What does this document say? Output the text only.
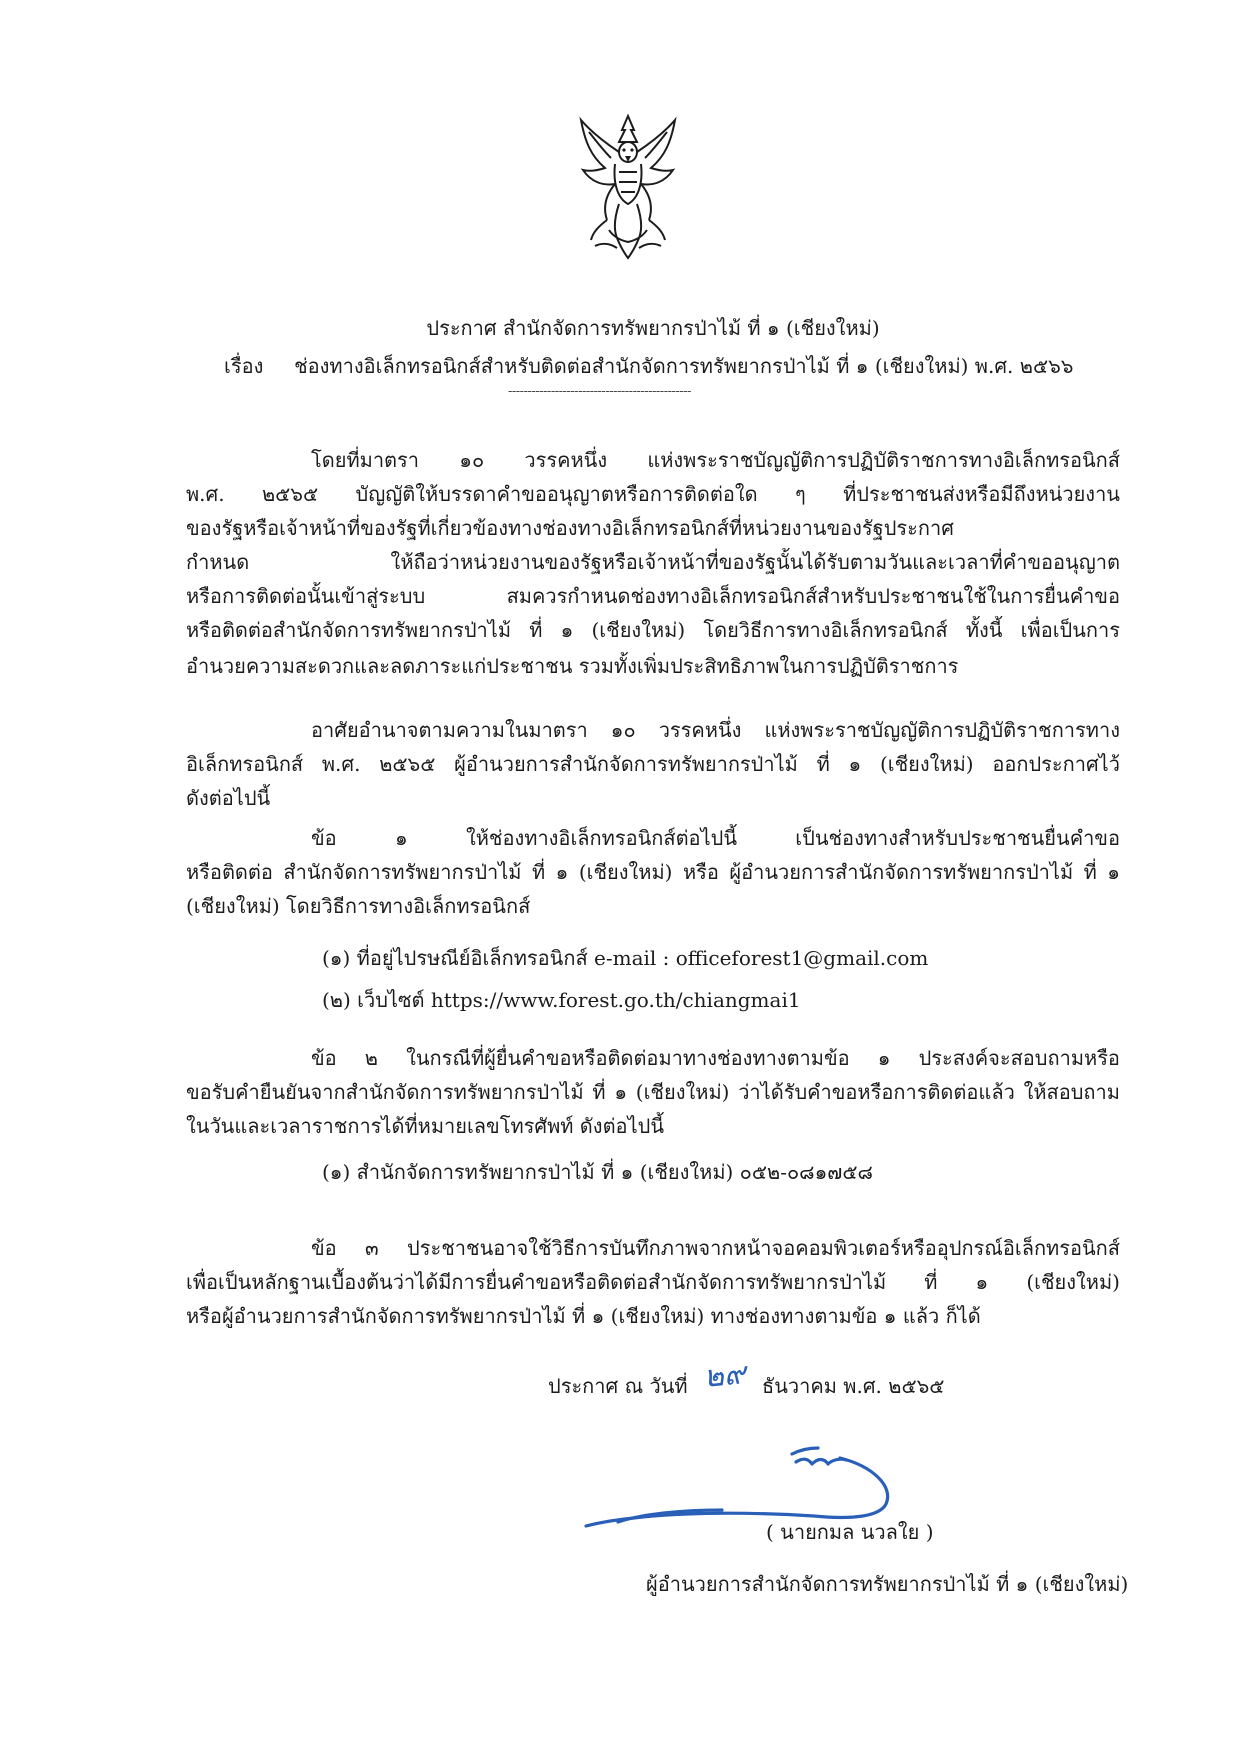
ประกาศ สำนักจัดการทรัพยากรป่าไม้ ที่ ๑ (เชียงใหม่)
เรื่อง ช่องทางอิเล็กทรอนิกส์สำหรับติดต่อสำนักจัดการทรัพยากรป่าไม้ ที่ ๑ (เชียงใหม่) พ.ศ. ๒๕๖๖
-----------------------------------------------
โดยที่มาตรา ๑๐ วรรคหนึ่ง แห่งพระราชบัญญัติการปฏิบัติราชการทางอิเล็กทรอนิกส์
พ.ศ. ๒๕๖๕ บัญญัติให้บรรดาคำขออนุญาตหรือการติดต่อใด ๆ ที่ประชาชนส่งหรือมีถึงหน่วยงาน
ของรัฐหรือเจ้าหน้าที่ของรัฐที่เกี่ยวข้องทางช่องทางอิเล็กทรอนิกส์ที่หน่วยงานของรัฐประกาศ
กำหนด	ให้ถือว่าหน่วยงานของรัฐหรือเจ้าหน้าที่ของรัฐนั้นได้รับตามวันและเวลาที่คำขออนุญาต
หรือการติดต่อนั้นเข้าสู่ระบบ	สมควรกำหนดช่องทางอิเล็กทรอนิกส์สำหรับประชาชนใช้ในการยื่นคำขอ
หรือติดต่อสำนักจัดการทรัพยากรป่าไม้ ที่ ๑ (เชียงใหม่) โดยวิธีการทางอิเล็กทรอนิกส์ ทั้งนี้ เพื่อเป็นการ
อำนวยความสะดวกและลดภาระแก่ประชาชน รวมทั้งเพิ่มประสิทธิภาพในการปฏิบัติราชการ
อาศัยอำนาจตามความในมาตรา ๑๐ วรรคหนึ่ง แห่งพระราชบัญญัติการปฏิบัติราชการทาง
อิเล็กทรอนิกส์ พ.ศ. ๒๕๖๕ ผู้อำนวยการสำนักจัดการทรัพยากรป่าไม้ ที่ ๑ (เชียงใหม่) ออกประกาศไว้
ดังต่อไปนี้
ข้อ	๑	ให้ช่องทางอิเล็กทรอนิกส์ต่อไปนี้	เป็นช่องทางสำหรับประชาชนยื่นคำขอ
หรือติดต่อ สำนักจัดการทรัพยากรป่าไม้ ที่ ๑ (เชียงใหม่) หรือ ผู้อำนวยการสำนักจัดการทรัพยากรป่าไม้ ที่ ๑
(เชียงใหม่) โดยวิธีการทางอิเล็กทรอนิกส์
(๑) ที่อยู่ไปรษณีย์อิเล็กทรอนิกส์ e-mail : officeforest1@gmail.com
(๒) เว็บไซต์ https://www.forest.go.th/chiangmai1
ข้อ ๒ ในกรณีที่ผู้ยื่นคำขอหรือติดต่อมาทางช่องทางตามข้อ ๑ ประสงค์จะสอบถามหรือ
ขอรับคำยืนยันจากสำนักจัดการทรัพยากรป่าไม้ ที่ ๑ (เชียงใหม่) ว่าได้รับคำขอหรือการติดต่อแล้ว ให้สอบถาม
ในวันและเวลาราชการได้ที่หมายเลขโทรศัพท์ ดังต่อไปนี้
(๑) สำนักจัดการทรัพยากรป่าไม้ ที่ ๑ (เชียงใหม่) ๐๕๒-๐๘๑๗๕๘
ข้อ ๓ ประชาชนอาจใช้วิธีการบันทึกภาพจากหน้าจอคอมพิวเตอร์หรืออุปกรณ์อิเล็กทรอนิกส์
เพื่อเป็นหลักฐานเบื้องต้นว่าได้มีการยื่นคำขอหรือติดต่อสำนักจัดการทรัพยากรป่าไม้ ที่ ๑ (เชียงใหม่)
หรือผู้อำนวยการสำนักจัดการทรัพยากรป่าไม้ ที่ ๑ (เชียงใหม่) ทางช่องทางตามข้อ ๑ แล้ว ก็ได้
ประกาศ ณ วันที่ ๒๙ ธันวาคม พ.ศ. ๒๕๖๕
( นายกมล นวลใย )
ผู้อำนวยการสำนักจัดการทรัพยากรป่าไม้ ที่ ๑ (เชียงใหม่)
